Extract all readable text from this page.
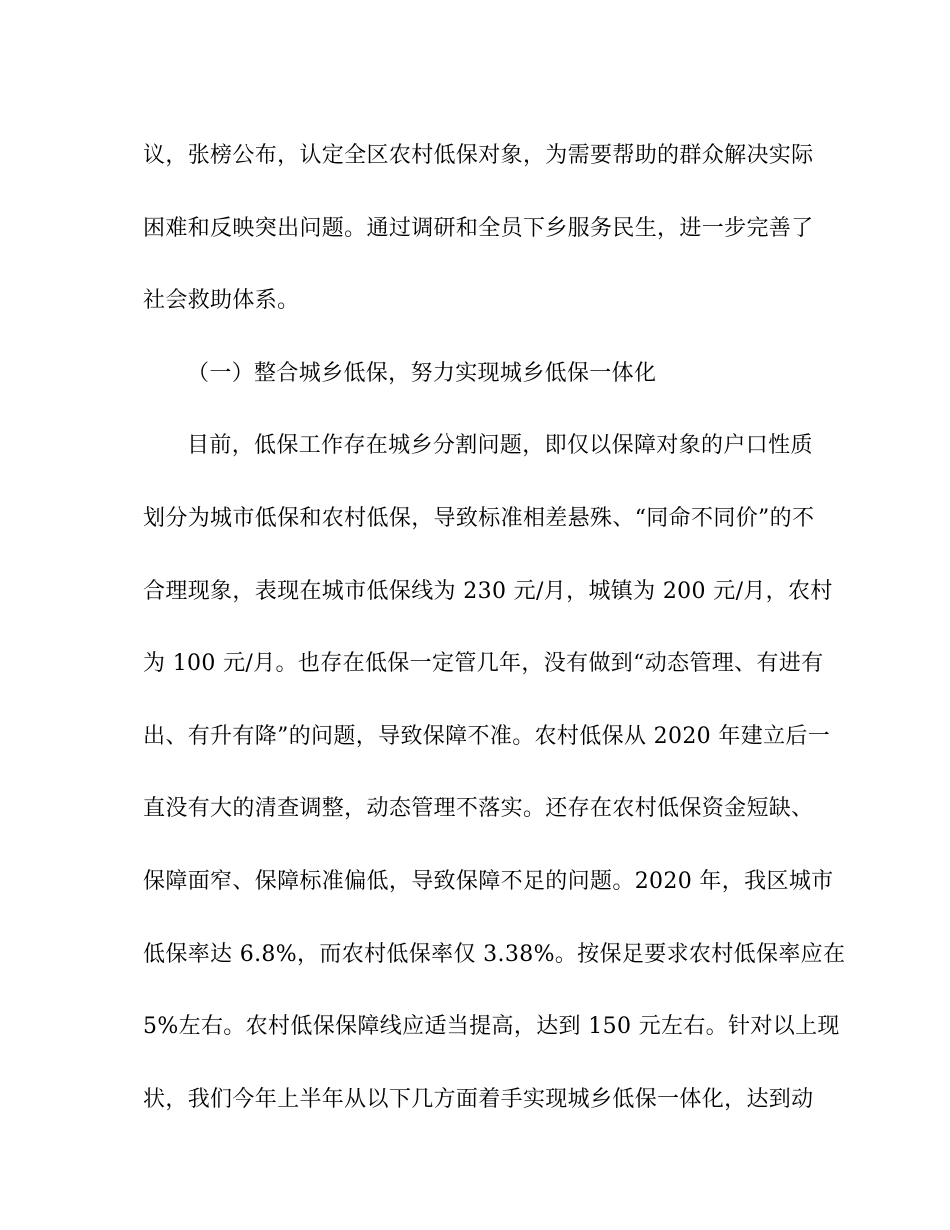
议，张榜公布，认定全区农村低保对象，为需要帮助的群众解决实际
困难和反映突出问题。通过调研和全员下乡服务民生，进一步完善了
社会救助体系。
（一）整合城乡低保，努力实现城乡低保一体化
目前，低保工作存在城乡分割问题，即仅以保障对象的户口性质
划分为城市低保和农村低保，导致标准相差悬殊、“同命不同价”的不
合理现象，表现在城市低保线为 230 元/月，城镇为 200 元/月，农村
为 100 元/月。也存在低保一定管几年，没有做到“动态管理、有进有
出、有升有降”的问题，导致保障不准。农村低保从 2020 年建立后一
直没有大的清查调整，动态管理不落实。还存在农村低保资金短缺、
保障面窄、保障标准偏低，导致保障不足的问题。2020 年，我区城市
低保率达 6.8%，而农村低保率仅 3.38%。按保足要求农村低保率应在
5%左右。农村低保保障线应适当提高，达到 150 元左右。针对以上现
状，我们今年上半年从以下几方面着手实现城乡低保一体化，达到动
